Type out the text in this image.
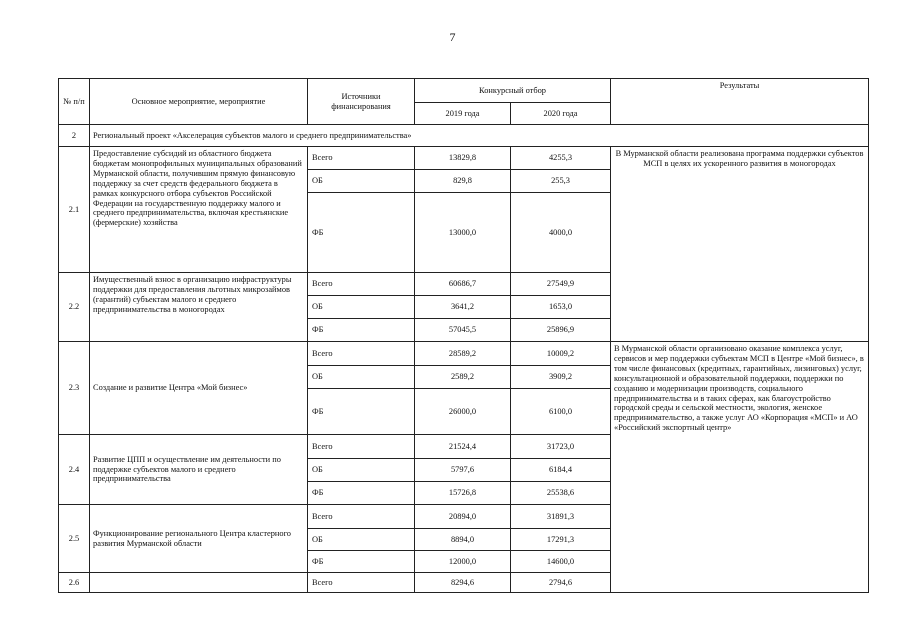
7
№ п/п	Основное мероприятие, мероприятие	Источники финансирования	Конкурсный отбор		Результаты
			2019 года	2020 года	
2	Региональный проект «Акселерация субъектов малого и среднего предпринимательства»				
2.1	Предоставление субсидий из областного бюджета бюджетам монопрофильных муниципальных образований Мурманской области, получившим прямую финансовую поддержку за счет средств федерального бюджета в рамках конкурсного отбора субъектов Российской Федерации на государственную поддержку малого и среднего предпринимательства, включая крестьянские (фермерские) хозяйства	Всего	13829,8	4255,3	В Мурманской области реализована программа поддержки субъектов МСП в целях их ускоренного развития в моногородах
		ОБ	829,8	255,3	
		ФБ	13000,0	4000,0	
2.2	Имущественный взнос в организацию инфраструктуры поддержки для предоставления льготных микрозаймов (гарантий) субъектам малого и среднего предпринимательства в моногородах	Всего	60686,7	27549,9	
		ОБ	3641,2	1653,0	
		ФБ	57045,5	25896,9	
2.3	Создание и развитие Центра «Мой бизнес»	Всего	28589,2	10009,2	В Мурманской области организовано оказание комплекса услуг, сервисов и мер поддержки субъектам МСП в Центре «Мой бизнес», в том числе финансовых (кредитных, гарантийных, лизинговых) услуг, консультационной и образовательной поддержки, поддержки по созданию и модернизации производств, социального предпринимательства и в таких сферах, как благоустройство городской среды и сельской местности, экология, женское предпринимательство, а также услуг АО «Корпорация «МСП» и АО «Российский экспортный центр»
		ОБ	2589,2	3909,2	
		ФБ	26000,0	6100,0	
2.4	Развитие ЦПП и осуществление им деятельности по поддержке субъектов малого и среднего предпринимательства	Всего	21524,4	31723,0	
		ОБ	5797,6	6184,4	
		ФБ	15726,8	25538,6	
2.5	Функционирование регионального Центра кластерного развития Мурманской области	Всего	20894,0	31891,3	
		ОБ	8894,0	17291,3	
		ФБ	12000,0	14600,0	
2.6		Всего	8294,6	2794,6	
